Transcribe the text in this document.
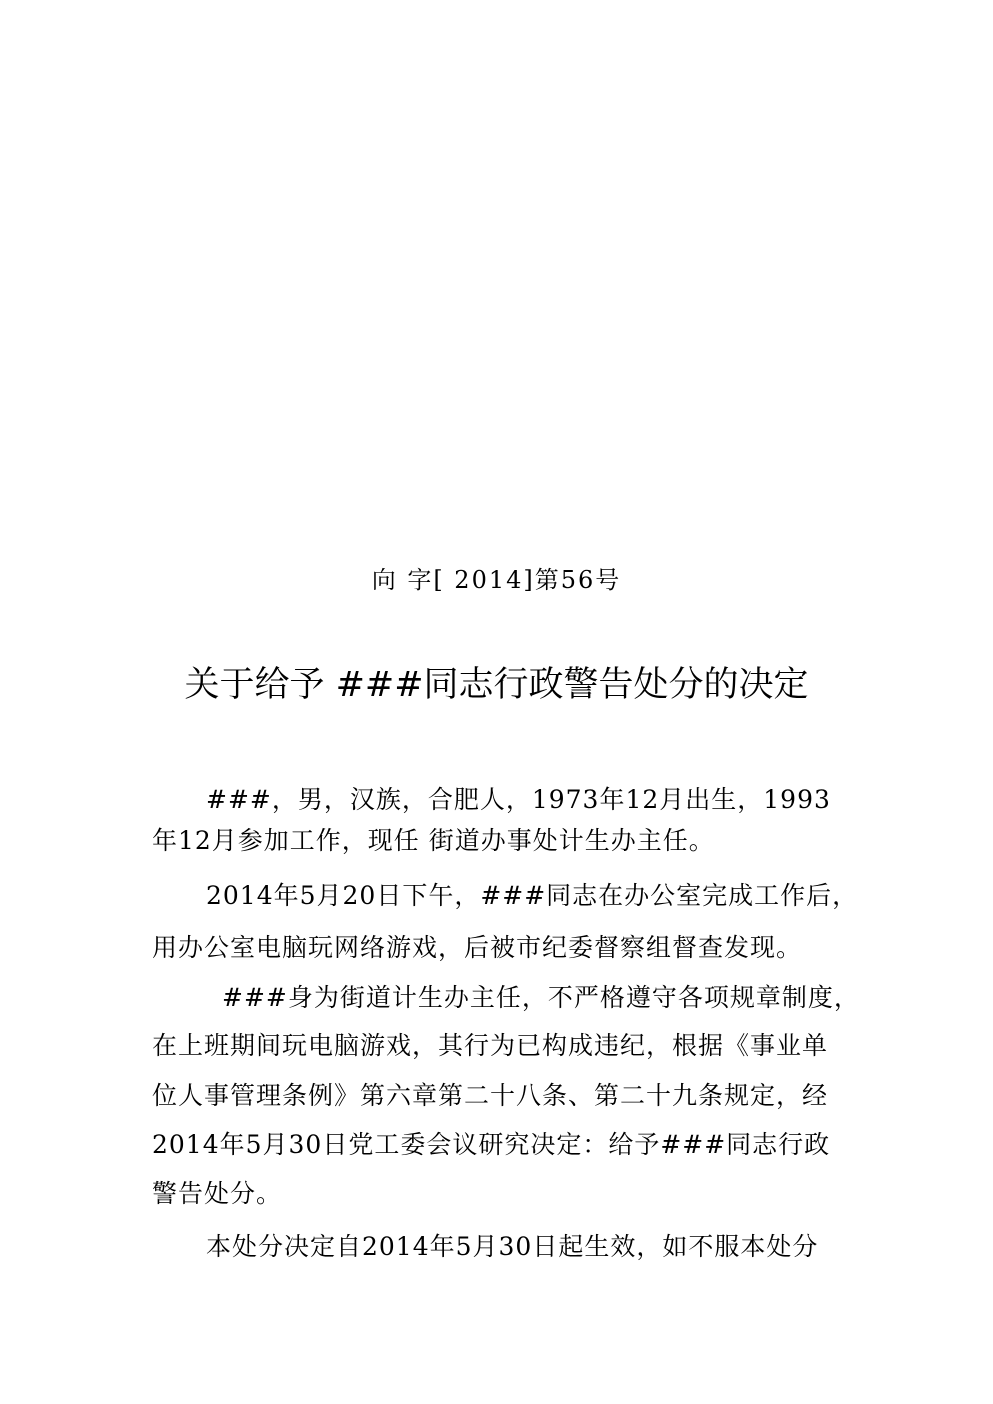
向 字[ 2014]第56号
关于给予 ###同志行政警告处分的决定
###，男，汉族，合肥人，1973年12月出生，1993
年12月参加工作，现任 街道办事处计生办主任。
2014年5月20日下午，###同志在办公室完成工作后，
用办公室电脑玩网络游戏，后被市纪委督察组督查发现。
###身为街道计生办主任，不严格遵守各项规章制度，
在上班期间玩电脑游戏，其行为已构成违纪，根据《事业单
位人事管理条例》第六章第二十八条、第二十九条规定，经
2014年5月30日党工委会议研究决定：给予###同志行政
警告处分。
本处分决定自2014年5月30日起生效，如不服本处分
